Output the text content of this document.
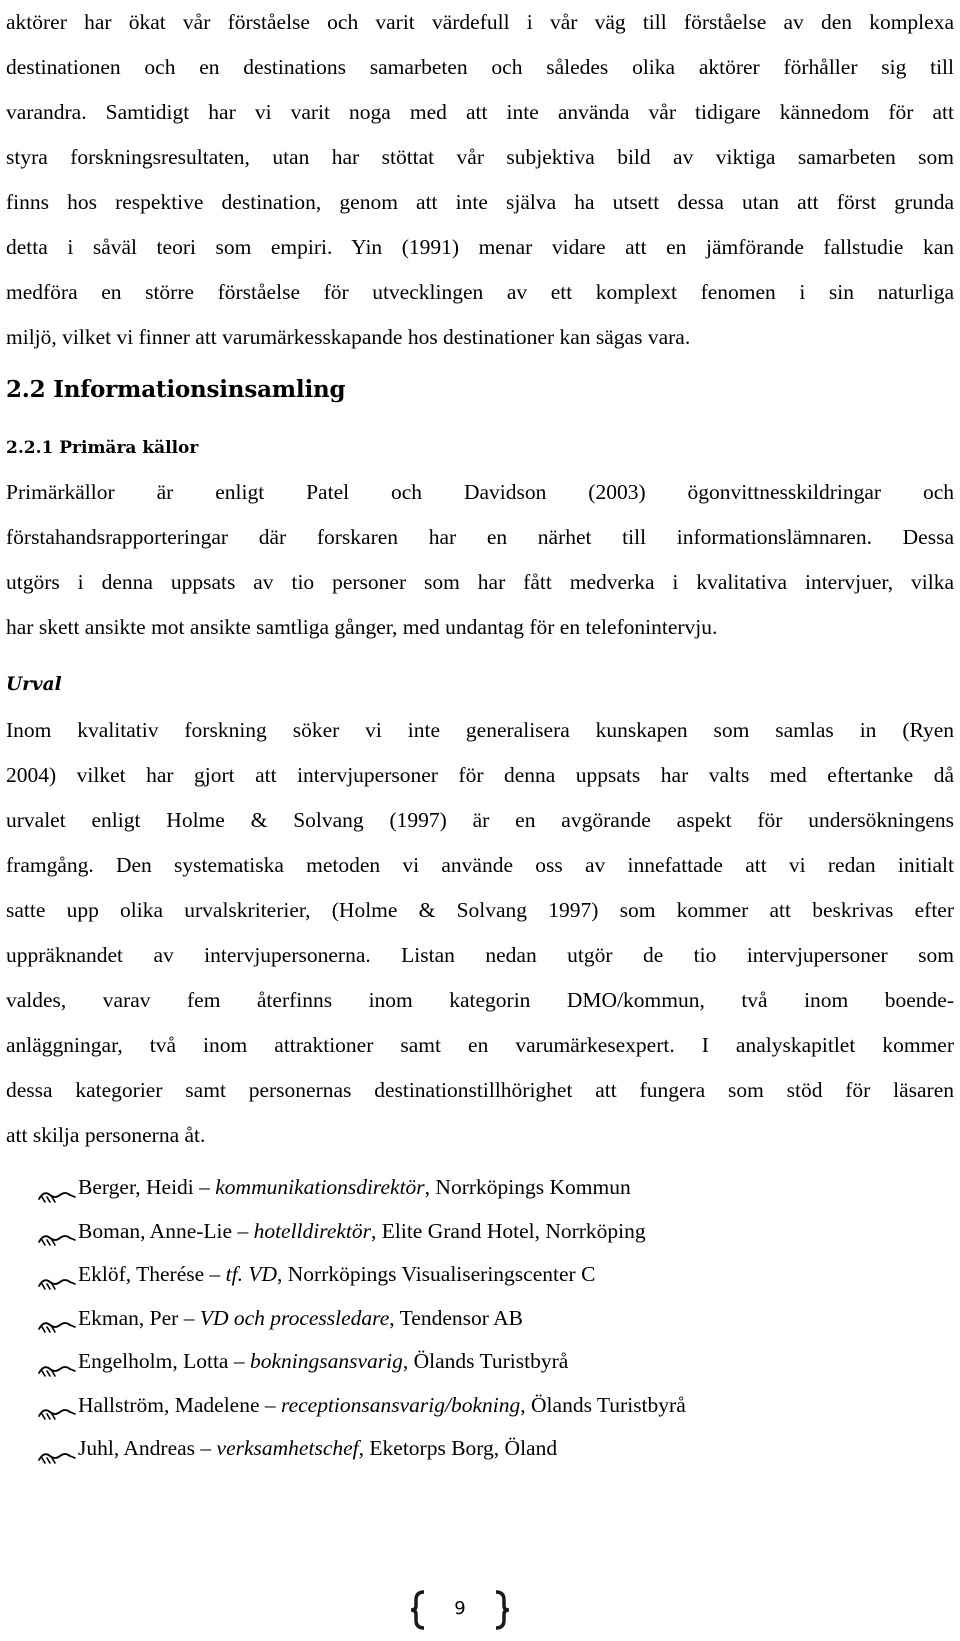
aktörer har ökat vår förståelse och varit värdefull i vår väg till förståelse av den komplexa
destinationen och en destinations samarbeten och således olika aktörer förhåller sig till
varandra. Samtidigt har vi varit noga med att inte använda vår tidigare kännedom för att
styra forskningsresultaten, utan har stöttat vår subjektiva bild av viktiga samarbeten som
finns hos respektive destination, genom att inte själva ha utsett dessa utan att först grunda
detta i såväl teori som empiri. Yin (1991) menar vidare att en jämförande fallstudie kan
medföra en större förståelse för utvecklingen av ett komplext fenomen i sin naturliga
miljö, vilket vi finner att varumärkesskapande hos destinationer kan sägas vara.

2.2 Informationsinsamling
2.2.1 Primära källor

Primärkällor är enligt Patel och Davidson (2003) ögonvittnesskildringar och
förstahandsrapporteringar där forskaren har en närhet till informationslämnaren. Dessa
utgörs i denna uppsats av tio personer som har fått medverka i kvalitativa intervjuer, vilka
har skett ansikte mot ansikte samtliga gånger, med undantag för en telefonintervju.

Urval

Inom kvalitativ forskning söker vi inte generalisera kunskapen som samlas in (Ryen
2004) vilket har gjort att intervjupersoner för denna uppsats har valts med eftertanke då
urvalet enligt Holme & Solvang (1997) är en avgörande aspekt för undersökningens
framgång. Den systematiska metoden vi använde oss av innefattade att vi redan initialt
satte upp olika urvalskriterier, (Holme & Solvang 1997) som kommer att beskrivas efter
uppräknandet av intervjupersonerna. Listan nedan utgör de tio intervjupersoner som
valdes, varav fem återfinns inom kategorin DMO/kommun, två inom boende-
anläggningar, två inom attraktioner samt en varumärkesexpert. I analyskapitlet kommer
dessa kategorier samt personernas destinationstillhörighet att fungera som stöd för läsaren
att skilja personerna åt.

Berger, Heidi – kommunikationsdirektör , Norrköpings Kommun
Boman, Anne-Lie – hotelldirektör , Elite Grand Hotel, Norrköping
Eklöf, Therése – tf. VD , Norrköpings Visualiseringscenter C
Ekman, Per – VD och processledare , Tendensor AB
Engelholm, Lotta – bokningsansvarig , Ölands Turistbyrå
Hallström, Madelene – receptionsansvarig/bokning , Ölands Turistbyrå
Juhl, Andreas – verksamhetschef , Eketorps Borg, Öland
9
